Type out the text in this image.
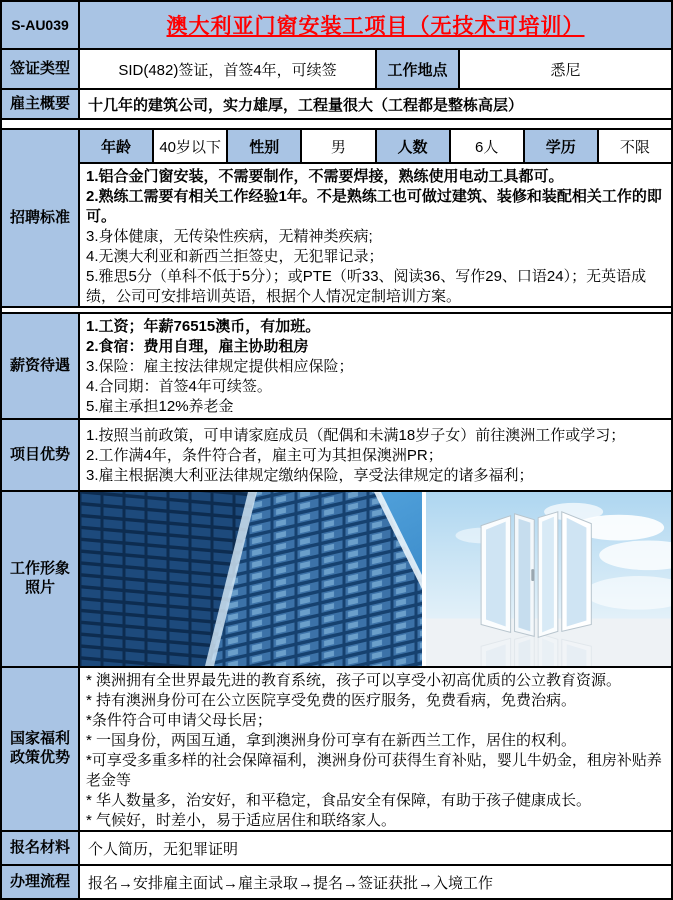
S-AU039	澳大利亚门窗安装工项目（无技术可培训）
签证类型	SID(482)签证，首签4年，可续签	工作地点	悉尼
雇主概要	十几年的建筑公司，实力雄厚，工程量很大（工程都是整栋高层）
招聘标准
年龄	40岁以下	性别	男	人数	6人	学历	不限
1.铝合金门窗安装，不需要制作，不需要焊接，熟练使用电动工具都可。
2.熟练工需要有相关工作经验1年。不是熟练工也可做过建筑、装修和装配相关工作的即可。
3.身体健康，无传染性疾病，无精神类疾病;
4.无澳大利亚和新西兰拒签史，无犯罪记录；
5.雅思5分（单科不低于5分）；或PTE（听33、阅读36、写作29、口语24）；无英语成绩，公司可安排培训英语，根据个人情况定制培训方案。
薪资待遇
1.工资；年薪76515澳币，有加班。
2.食宿：费用自理，雇主协助租房
3.保险：雇主按法律规定提供相应保险；
4.合同期：首签4年可续签。
5.雇主承担12%养老金
项目优势
1.按照当前政策，可申请家庭成员（配偶和未满18岁子女）前往澳洲工作或学习；
2.工作满4年，条件符合者，雇主可为其担保澳洲PR；
3.雇主根据澳大利亚法律规定缴纳保险，享受法律规定的诸多福利；
工作形象照片
国家福利政策优势
* 澳洲拥有全世界最先进的教育系统，孩子可以享受小初高优质的公立教育资源。
* 持有澳洲身份可在公立医院享受免费的医疗服务，免费看病，免费治病。
*条件符合可申请父母长居；
* 一国身份，两国互通，拿到澳洲身份可享有在新西兰工作，居住的权利。
*可享受多重多样的社会保障福利，澳洲身份可获得生育补贴，婴儿牛奶金，租房补贴养老金等
* 华人数量多，治安好，和平稳定，食品安全有保障，有助于孩子健康成长。
* 气候好，时差小，易于适应居住和联络家人。
报名材料	个人简历，无犯罪证明
办理流程	报名→安排雇主面试→雇主录取→提名→签证获批→入境工作
